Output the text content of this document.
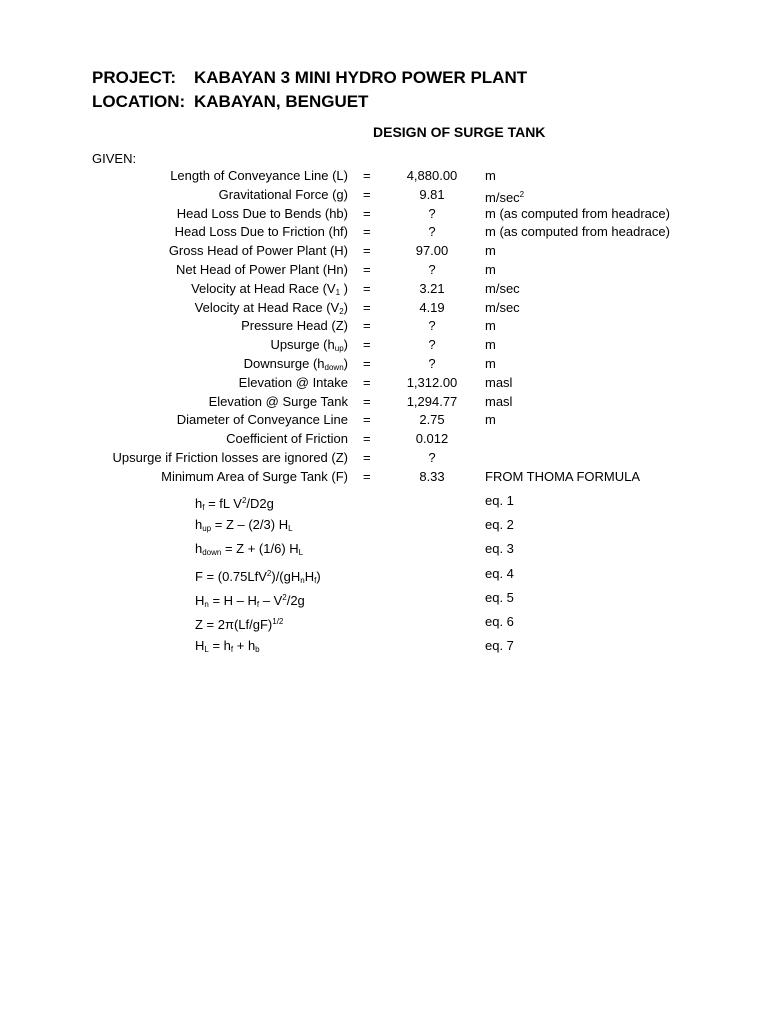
PROJECT:	KABAYAN 3 MINI HYDRO POWER PLANT
LOCATION: KABAYAN, BENGUET
DESIGN OF SURGE TANK
GIVEN:
Length of Conveyance Line (L) =	4,880.00	m
Gravitational Force (g) =	9.81	$m/\sec^2$
Head Loss Due to Bends (hb) =	?	m (as computed from headrace)
Head Loss Due to Friction (hf) =	?	m (as computed from headrace)
Gross Head of Power Plant (H) =	97.00	m
Net Head of Power Plant (Hn) =	?	m
Velocity at Head Race ($V_1$ ) =	3.21	m/sec
Velocity at Head Race $(V_2)$ =	4.19	m/sec
Pressure Head (Z) =	?	m
Upsurge $(h_{up})$ =	?	m
Downsurge $(h_{down})$ =	?	m
Elevation @ Intake =	1,312.00	masl
Elevation @ Surge Tank =	1,294.77	masl
Diameter of Conveyance Line =	2.75	m
Coefficient of Friction =	0.012
Upsurge if Friction losses are ignored (Z) =	?
Minimum Area of Surge Tank (F) =	8.33	FROM THOMA FORMULA
$h_f$ = fL $V^2/D2g$	eq. 1
$h_{up} = Z - (2/3)$ $H_L$	eq. 2
$h_{down} = Z + (1/6)$ $H_L$	eq. 3
$F = (0.75LfV^2)/(gH_nH_f)$	eq. 4
$H_n = H - H_f - V^2/2g$	eq. 5
$Z = 2\pi(Lf/gF)^{1/2}$	eq. 6
$H_L = h_f + h_b$	eq. 7
